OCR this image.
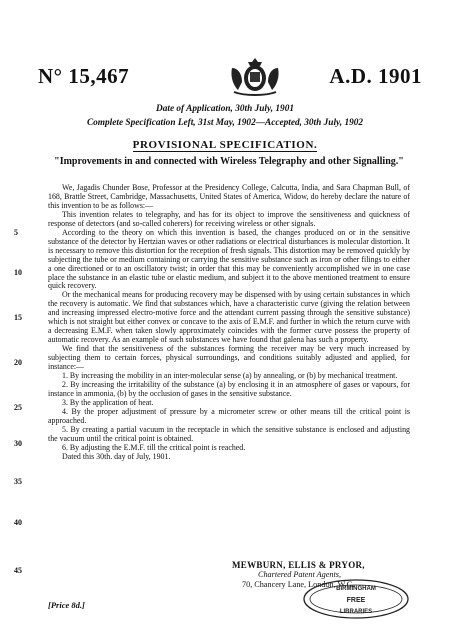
N° 15,467	A.D. 1901
Date of Application, 30th July, 1901
Complete Specification Left, 31st May, 1902—Accepted, 30th July, 1902
PROVISIONAL SPECIFICATION.
"Improvements in and connected with Wireless Telegraphy and other Signalling."

We, Jagadis Chunder Bose, Professor at the Presidency College, Calcutta, India, and Sara Chapman Bull, of 168, Brattle Street, Cambridge, Massachusetts, United States of America, Widow, do hereby declare the nature of this invention to be as follows:—

This invention relates to telegraphy, and has for its object to improve the sensitiveness and quickness of response of detectors (and so-called coherers) for receiving wireless or other signals.

According to the theory on which this invention is based, the changes produced on or in the sensitive substance of the detector by Hertzian waves or other radiations or electrical disturbances is molecular distortion. It is necessary to remove this distortion for the reception of fresh signals. This distortion may be removed quickly by subjecting the tube or medium containing or carrying the sensitive substance such as iron or other filings to either a one directioned or to an oscillatory twist; in order that this may be conveniently accomplished we in one case place the substance in an elastic tube or elastic medium, and subject it to the above mentioned treatment to ensure quick recovery.

Or the mechanical means for producing recovery may be dispensed with by using certain substances in which the recovery is automatic. We find that substances which, have a characteristic curve (giving the relation between and increasing impressed electro-motive force and the attendant current passing through the sensitive substance) which is not straight but either convex or concave to the axis of E.M.F. and further in which the return curve with a decreasing E.M.F. when taken slowly approximately coincides with the former curve possess the property of automatic recovery. As an example of such substances we have found that galena has such a property.

We find that the sensitiveness of the substances forming the receiver may be very much increased by subjecting them to certain forces, physical surroundings, and conditions suitably adjusted and applied, for instance:—

1. By increasing the mobility in an inter-molecular sense (a) by annealing, or (b) by mechanical treatment.

2. By increasing the irritability of the substance (a) by enclosing it in an atmosphere of gases or vapours, for instance in ammonia, (b) by the occlusion of gases in the sensitive substance.

3. By the application of heat.

4. By the proper adjustment of pressure by a micrometer screw or other means till the critical point is approached.

5. By creating a partial vacuum in the receptacle in which the sensitive substance is enclosed and adjusting the vacuum until the critical point is obtained.

6. By adjusting the E.M.F. till the critical point is reached.

Dated this 30th. day of July, 1901.

5
10
15
20
25
30
35
40
45
MEWBURN, ELLIS & PRYOR,
Chartered Patent Agents,
70, Chancery Lane, London, W.C.
[Price 8d.]
BIRMINGHAM
FREE
LIBRARIES
